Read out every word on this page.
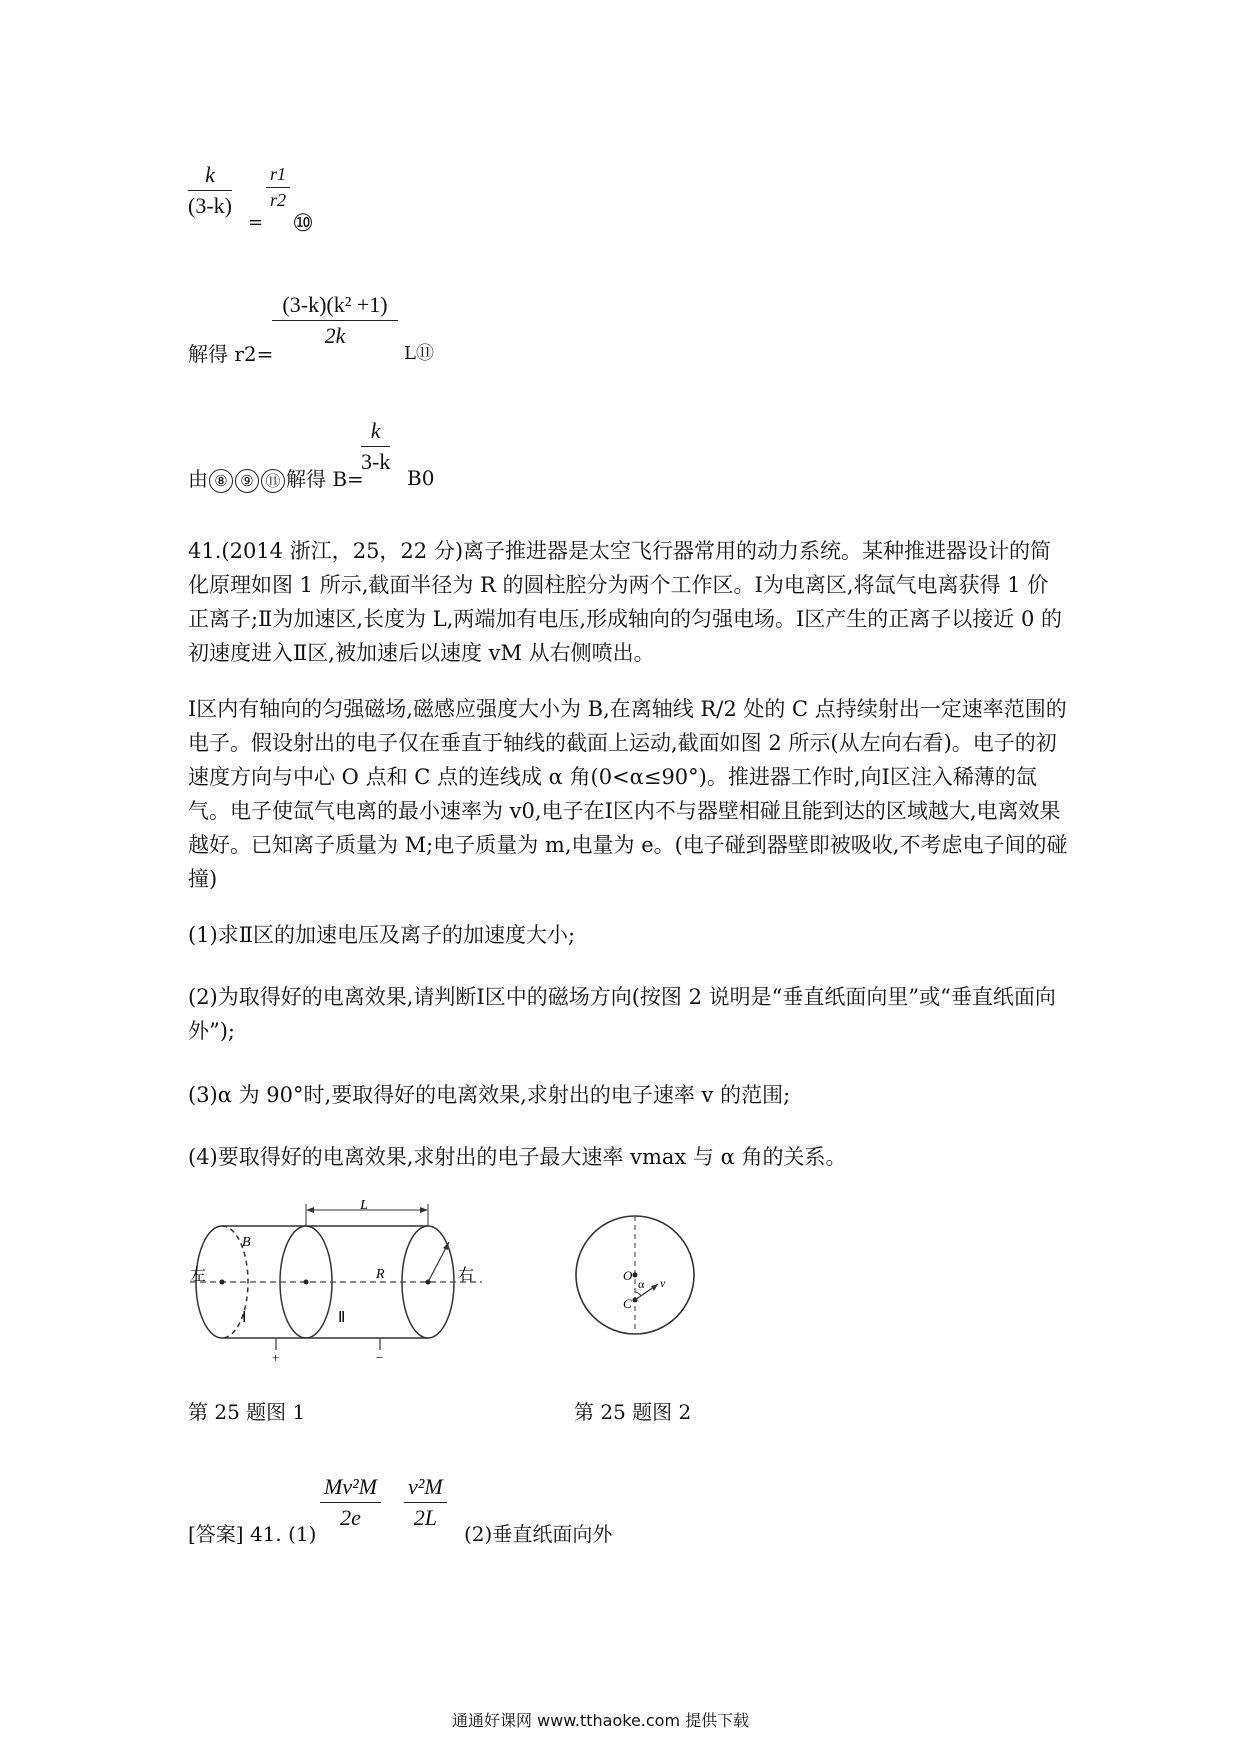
$\frac{k}{(3-k)}$
=
$\frac{r1}{r2}$
⑩
解得 r2=
$\frac{\text{(3-k)(k² +1)}}{2k}$
L⑪
由 ⑧ ⑨ ⑪ 解得 B=
$\frac{k}{3-k}$
B0
41.(2014 浙江，25，22 分)离子推进器是太空飞行器常用的动力系统。某种推进器设计的简化原理如图 1 所示,截面半径为 R 的圆柱腔分为两个工作区。Ⅰ为电离区,将氙气电离获得 1 价正离子;Ⅱ为加速区,长度为 L,两端加有电压,形成轴向的匀强电场。Ⅰ区产生的正离子以接近 0 的初速度进入Ⅱ区,被加速后以速度 vM 从右侧喷出。
Ⅰ区内有轴向的匀强磁场,磁感应强度大小为 B,在离轴线 R/2 处的 C 点持续射出一定速率范围的电子。假设射出的电子仅在垂直于轴线的截面上运动,截面如图 2 所示(从左向右看)。电子的初速度方向与中心 O 点和 C 点的连线成 α 角(0<α≤90°)。推进器工作时,向Ⅰ区注入稀薄的氙气。电子使氙气电离的最小速率为 v0,电子在Ⅰ区内不与器壁相碰且能到达的区域越大,电离效果越好。已知离子质量为 M;电子质量为 m,电量为 e。(电子碰到器壁即被吸收,不考虑电子间的碰撞)
(1)求Ⅱ区的加速电压及离子的加速度大小;
(2)为取得好的电离效果,请判断Ⅰ区中的磁场方向(按图 2 说明是“垂直纸面向里”或“垂直纸面向外”);
(3)α 为 90°时,要取得好的电离效果,求射出的电子速率 v 的范围;
(4)要取得好的电离效果,求射出的电子最大速率 vmax 与 α 角的关系。
L
B
R
左	右
Ⅰ	Ⅱ
+	−
O
C
α v
第 25 题图 1	第 25 题图 2
[答案] 41. (1)
$\frac{\text{Mv²M}}{2e} \frac{\text{v²M}}{2L}$
(2)垂直纸面向外
通通好课网 www.tthaoke.com 提供下载
